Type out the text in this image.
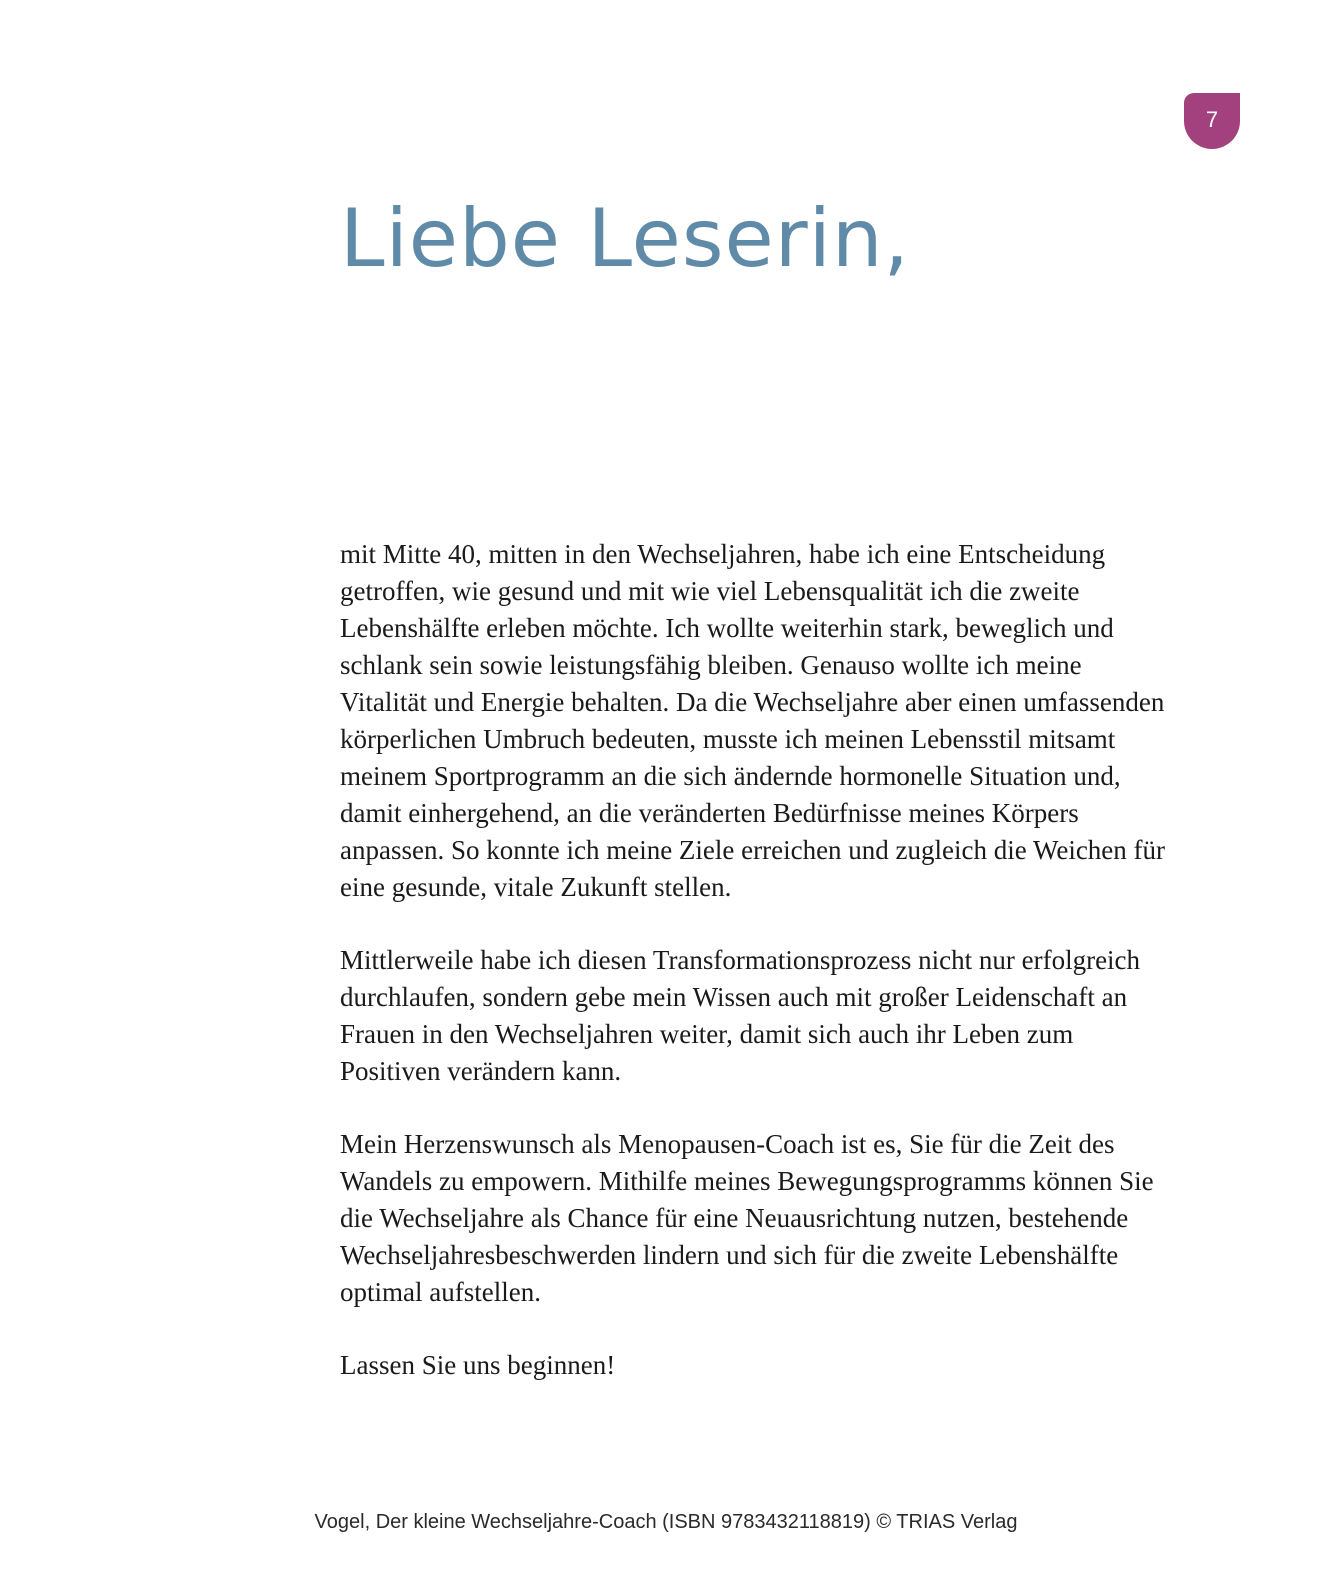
7
Liebe Leserin,

mit Mitte 40, mitten in den Wechseljahren, habe ich eine Entscheidung getroffen, wie gesund und mit wie viel Lebensqualität ich die zweite Lebenshälfte erleben möchte. Ich wollte weiterhin stark, beweglich und schlank sein sowie leistungsfähig bleiben. Genauso wollte ich meine Vitalität und Energie behalten. Da die Wechseljahre aber einen umfassenden körperlichen Umbruch bedeuten, musste ich meinen Lebensstil mitsamt meinem Sportprogramm an die sich ändernde hormonelle Situation und, damit einhergehend, an die veränderten Bedürfnisse meines Körpers anpassen. So konnte ich meine Ziele erreichen und zugleich die Weichen für eine gesunde, vitale Zukunft stellen.

Mittlerweile habe ich diesen Transformationsprozess nicht nur erfolgreich durchlaufen, sondern gebe mein Wissen auch mit großer Leidenschaft an Frauen in den Wechseljahren weiter, damit sich auch ihr Leben zum Positiven verändern kann.

Mein Herzenswunsch als Menopausen-Coach ist es, Sie für die Zeit des Wandels zu empowern. Mithilfe meines Bewegungsprogramms können Sie die Wechseljahre als Chance für eine Neuausrichtung nutzen, bestehende Wechseljahresbeschwerden lindern und sich für die zweite Lebenshälfte optimal aufstellen.

Lassen Sie uns beginnen!

Vogel, Der kleine Wechseljahre-Coach (ISBN 9783432118819) © TRIAS Verlag
